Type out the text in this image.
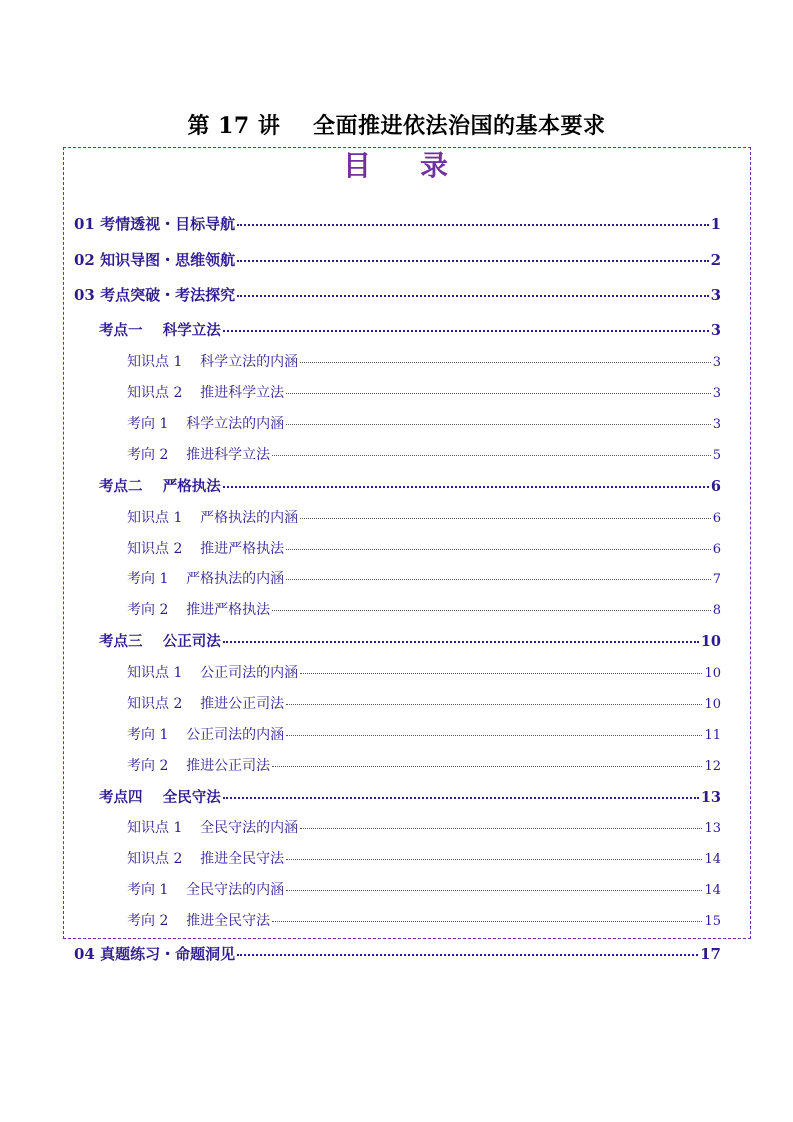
第 17 讲    全面推进依法治国的基本要求
目    录
01 考情透视・目标导航	1
02 知识导图・思维领航	2
03 考点突破・考法探究	3
考点一    科学立法	3
知识点 1    科学立法的内涵	3
知识点 2    推进科学立法	3
考向 1    科学立法的内涵	3
考向 2    推进科学立法	5
考点二    严格执法	6
知识点 1    严格执法的内涵	6
知识点 2    推进严格执法	6
考向 1    严格执法的内涵	7
考向 2    推进严格执法	8
考点三    公正司法	10
知识点 1    公正司法的内涵	10
知识点 2    推进公正司法	10
考向 1    公正司法的内涵	11
考向 2    推进公正司法	12
考点四    全民守法	13
知识点 1    全民守法的内涵	13
知识点 2    推进全民守法	14
考向 1    全民守法的内涵	14
考向 2    推进全民守法	15
04 真题练习・命题洞见	17
